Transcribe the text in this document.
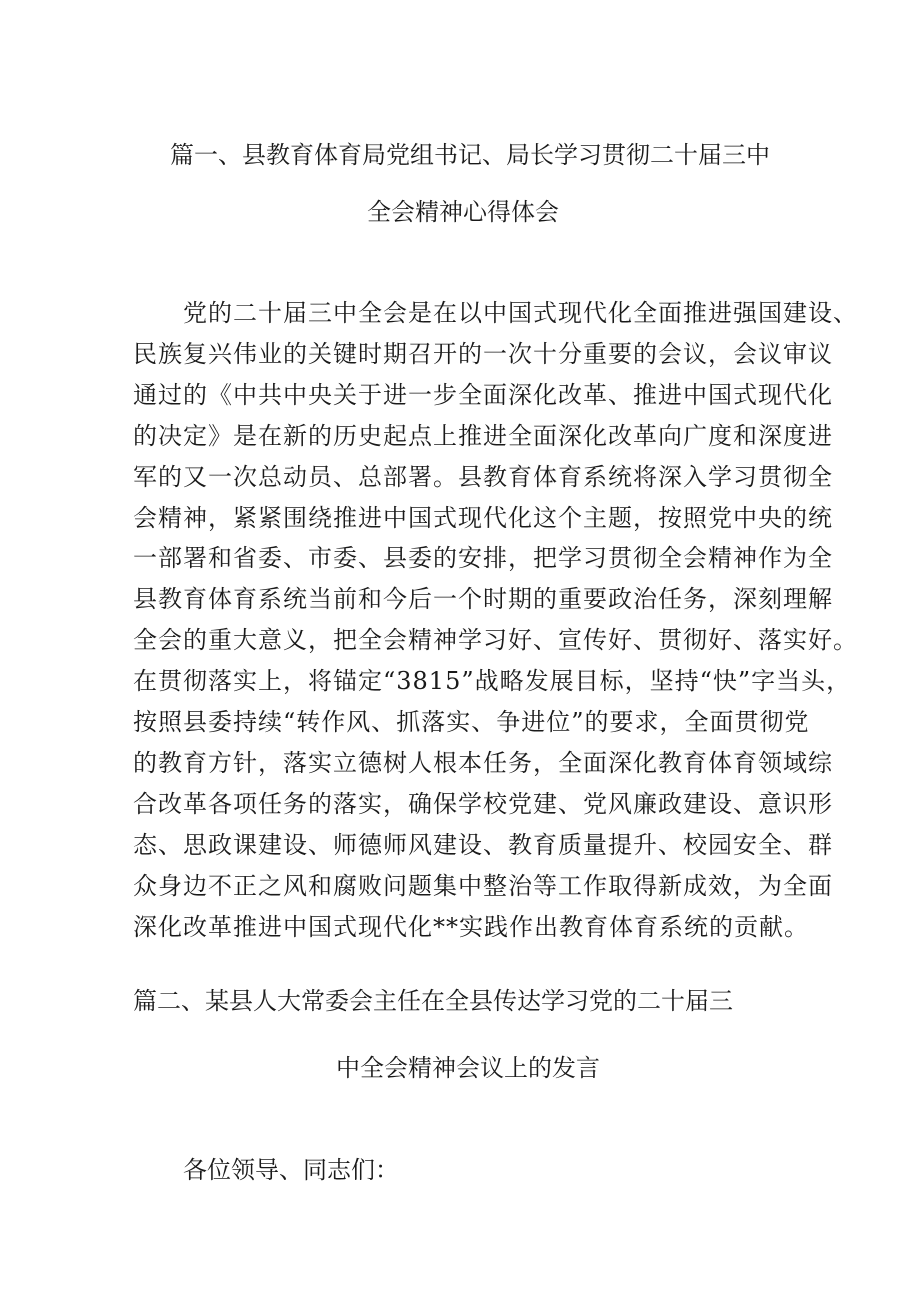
篇一、县教育体育局党组书记、局长学习贯彻二十届三中
全会精神心得体会
党的二十届三中全会是在以中国式现代化全面推进强国建设、
民族复兴伟业的关键时期召开的一次十分重要的会议，会议审议
通过的《中共中央关于进一步全面深化改革、推进中国式现代化
的决定》是在新的历史起点上推进全面深化改革向广度和深度进
军的又一次总动员、总部署。县教育体育系统将深入学习贯彻全
会精神，紧紧围绕推进中国式现代化这个主题，按照党中央的统
一部署和省委、市委、县委的安排，把学习贯彻全会精神作为全
县教育体育系统当前和今后一个时期的重要政治任务，深刻理解
全会的重大意义，把全会精神学习好、宣传好、贯彻好、落实好。
在贯彻落实上，将锚定“3815”战略发展目标，坚持“快”字当头，
按照县委持续“转作风、抓落实、争进位”的要求，全面贯彻党
的教育方针，落实立德树人根本任务，全面深化教育体育领域综
合改革各项任务的落实，确保学校党建、党风廉政建设、意识形
态、思政课建设、师德师风建设、教育质量提升、校园安全、群
众身边不正之风和腐败问题集中整治等工作取得新成效，为全面
深化改革推进中国式现代化**实践作出教育体育系统的贡献。
篇二、某县人大常委会主任在全县传达学习党的二十届三
中全会精神会议上的发言

各位领导、同志们：
